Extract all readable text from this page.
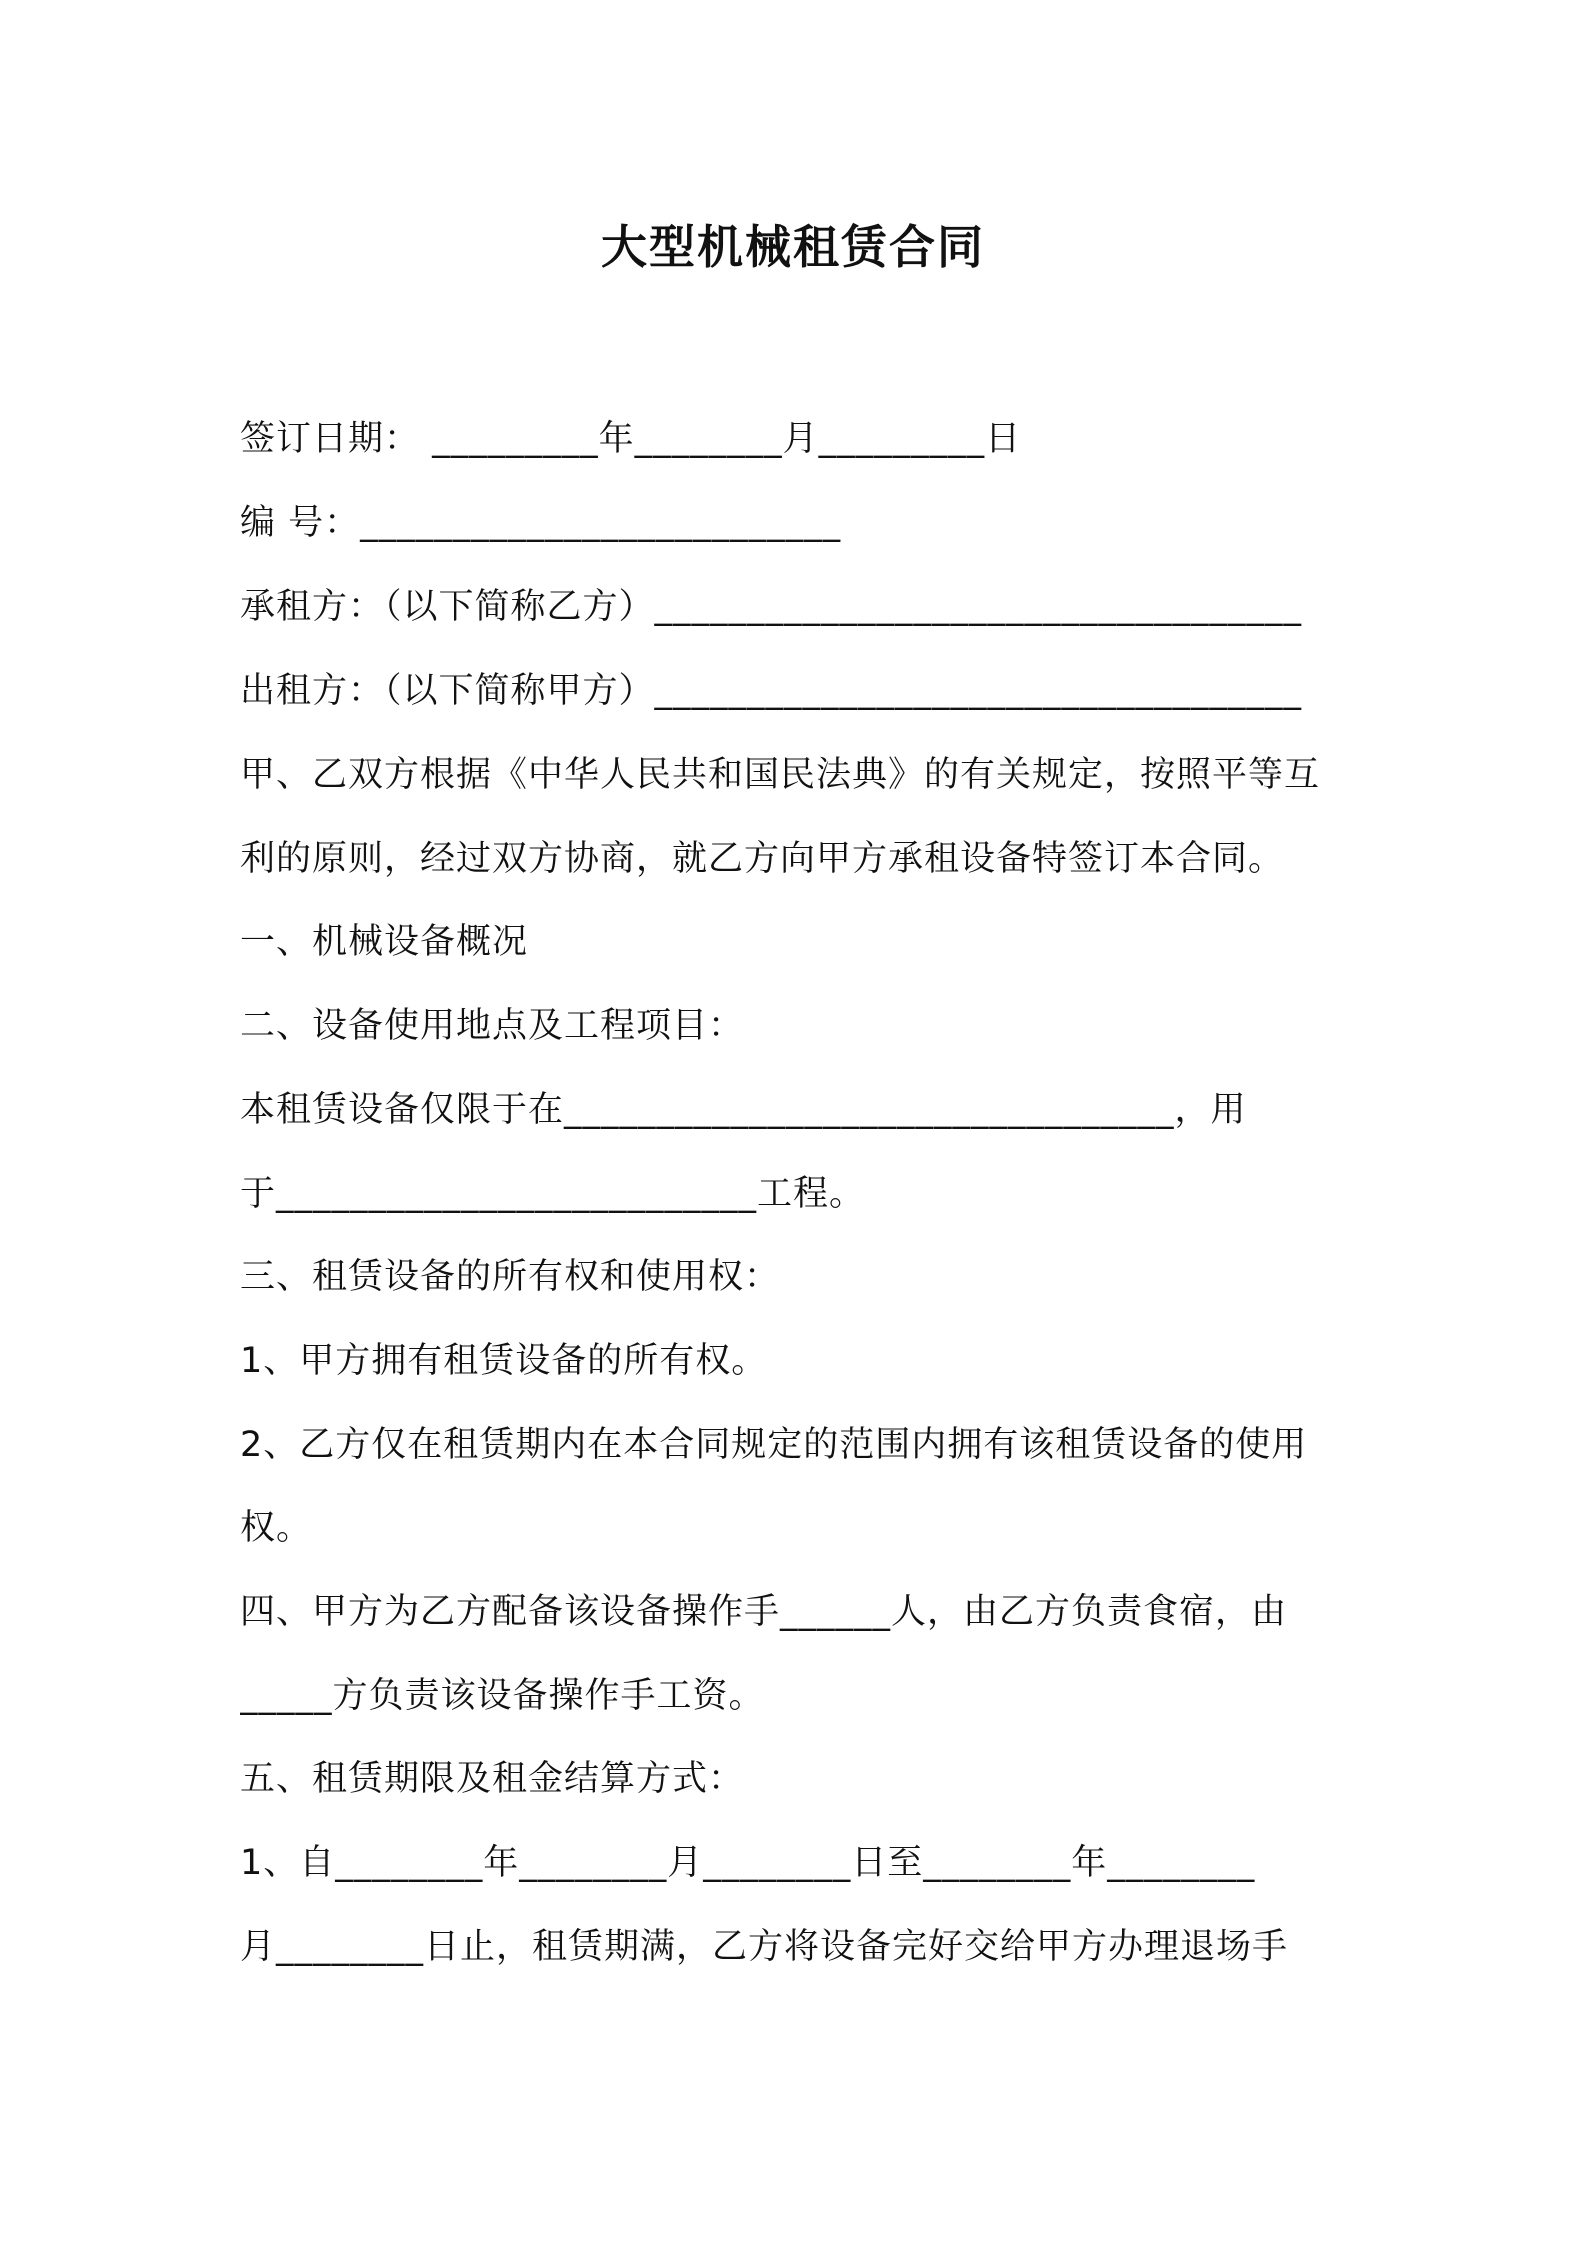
大型机械租赁合同
签订日期： _________年________月_________日
编 号：__________________________
承租方：（以下简称乙方）___________________________________
出租方：（以下简称甲方）___________________________________
甲、乙双方根据《中华人民共和国民法典》的有关规定，按照平等互
利的原则，经过双方协商，就乙方向甲方承租设备特签订本合同。
一、机械设备概况
二、设备使用地点及工程项目：
本租赁设备仅限于在_________________________________，用
于__________________________工程。
三、租赁设备的所有权和使用权：
1、甲方拥有租赁设备的所有权。
2、乙方仅在租赁期内在本合同规定的范围内拥有该租赁设备的使用
权。
四、甲方为乙方配备该设备操作手______人，由乙方负责食宿，由
_____方负责该设备操作手工资。
五、租赁期限及租金结算方式：
1、自________年________月________日至________年________
月________日止，租赁期满，乙方将设备完好交给甲方办理退场手
